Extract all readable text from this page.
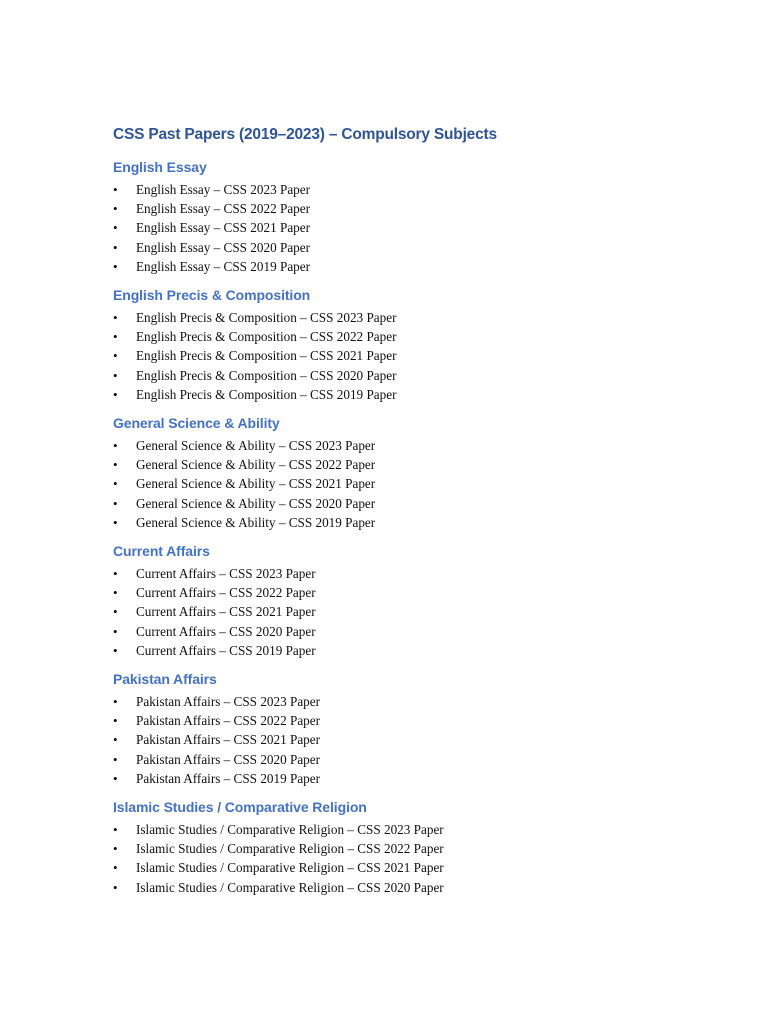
CSS Past Papers (2019–2023) – Compulsory Subjects
English Essay
• English Essay – CSS 2023 Paper
• English Essay – CSS 2022 Paper
• English Essay – CSS 2021 Paper
• English Essay – CSS 2020 Paper
• English Essay – CSS 2019 Paper
English Precis & Composition
• English Precis & Composition – CSS 2023 Paper
• English Precis & Composition – CSS 2022 Paper
• English Precis & Composition – CSS 2021 Paper
• English Precis & Composition – CSS 2020 Paper
• English Precis & Composition – CSS 2019 Paper
General Science & Ability
• General Science & Ability – CSS 2023 Paper
• General Science & Ability – CSS 2022 Paper
• General Science & Ability – CSS 2021 Paper
• General Science & Ability – CSS 2020 Paper
• General Science & Ability – CSS 2019 Paper
Current Affairs
• Current Affairs – CSS 2023 Paper
• Current Affairs – CSS 2022 Paper
• Current Affairs – CSS 2021 Paper
• Current Affairs – CSS 2020 Paper
• Current Affairs – CSS 2019 Paper
Pakistan Affairs
• Pakistan Affairs – CSS 2023 Paper
• Pakistan Affairs – CSS 2022 Paper
• Pakistan Affairs – CSS 2021 Paper
• Pakistan Affairs – CSS 2020 Paper
• Pakistan Affairs – CSS 2019 Paper
Islamic Studies / Comparative Religion
• Islamic Studies / Comparative Religion – CSS 2023 Paper
• Islamic Studies / Comparative Religion – CSS 2022 Paper
• Islamic Studies / Comparative Religion – CSS 2021 Paper
• Islamic Studies / Comparative Religion – CSS 2020 Paper
